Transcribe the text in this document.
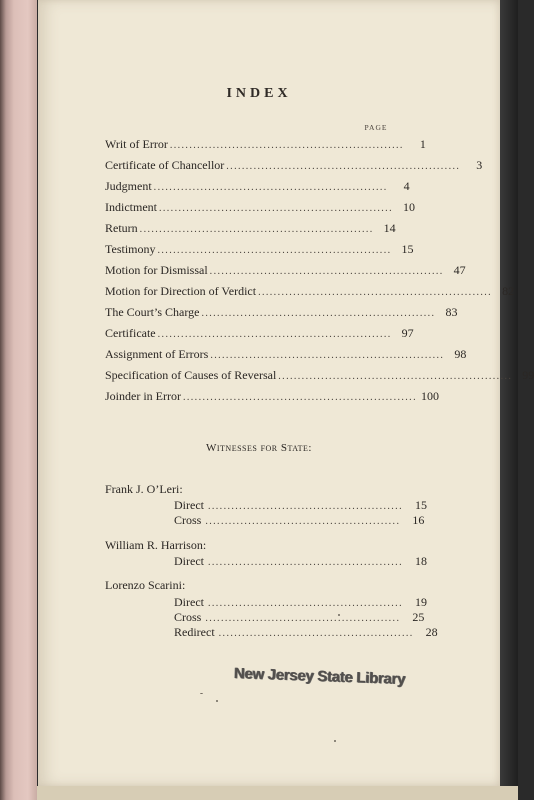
INDEX
PAGE
Writ of Error ............................................................	1
Certificate of Chancellor ............................................................	3
Judgment ............................................................	4
Indictment ............................................................ 10
Return ............................................................ 14
Testimony ............................................................ 15
Motion for Dismissal ............................................................ 47
Motion for Direction of Verdict ............................................................ 82
The Court’s Charge ............................................................ 83
Certificate ............................................................ 97
Assignment of Errors ............................................................ 98
Specification of Causes of Reversal ............................................................ 99
Joinder in Error ............................................................ 100
Witnesses for State:
Frank J. O’Leri:
Direct ..................................................	15
Cross ..................................................	16
William R. Harrison:
Direct ..................................................	18
Lorenzo Scarini:
Direct ..................................................	19
Cross ..................................................	25
Redirect ..................................................	28
New Jersey State Library
